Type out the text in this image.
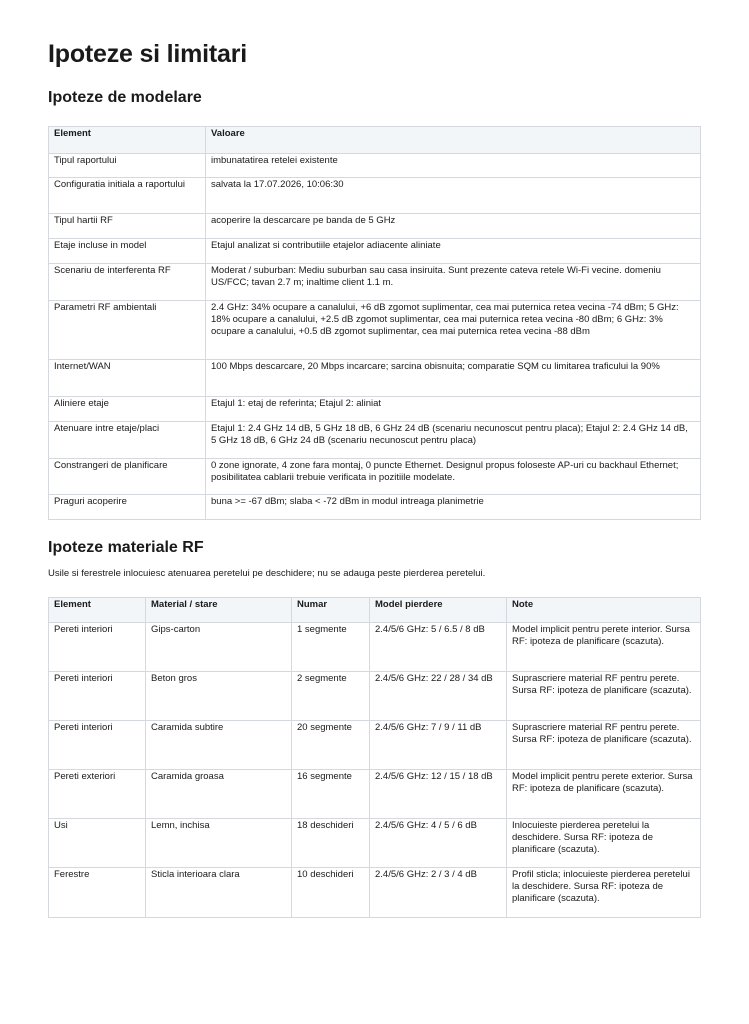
Ipoteze si limitari
Ipoteze de modelare
Element	Valoare
Tipul raportului	imbunatatirea retelei existente
Configuratia initiala a raportului	salvata la 17.07.2026, 10:06:30
Tipul hartii RF	acoperire la descarcare pe banda de 5 GHz
Etaje incluse in model	Etajul analizat si contributiile etajelor adiacente aliniate
Scenariu de interferenta RF	Moderat / suburban: Mediu suburban sau casa insiruita. Sunt prezente cateva retele Wi-Fi vecine. domeniu US/FCC; tavan 2.7 m; inaltime client 1.1 m.
Parametri RF ambientali	2.4 GHz: 34% ocupare a canalului, +6 dB zgomot suplimentar, cea mai puternica retea vecina -74 dBm; 5 GHz: 18% ocupare a canalului, +2.5 dB zgomot suplimentar, cea mai puternica retea vecina -80 dBm; 6 GHz: 3% ocupare a canalului, +0.5 dB zgomot suplimentar, cea mai puternica retea vecina -88 dBm
Internet/WAN	100 Mbps descarcare, 20 Mbps incarcare; sarcina obisnuita; comparatie SQM cu limitarea traficului la 90%
Aliniere etaje	Etajul 1: etaj de referinta; Etajul 2: aliniat
Atenuare intre etaje/placi	Etajul 1: 2.4 GHz 14 dB, 5 GHz 18 dB, 6 GHz 24 dB (scenariu necunoscut pentru placa); Etajul 2: 2.4 GHz 14 dB, 5 GHz 18 dB, 6 GHz 24 dB (scenariu necunoscut pentru placa)
Constrangeri de planificare	0 zone ignorate, 4 zone fara montaj, 0 puncte Ethernet. Designul propus foloseste AP-uri cu backhaul Ethernet; posibilitatea cablarii trebuie verificata in pozitiile modelate.
Praguri acoperire	buna >= -67 dBm; slaba < -72 dBm in modul intreaga planimetrie
Ipoteze materiale RF

Usile si ferestrele inlocuiesc atenuarea peretelui pe deschidere; nu se adauga peste pierderea peretelui.

Element	Material / stare	Numar	Model pierdere	Note
Pereti interiori	Gips-carton	1 segmente	2.4/5/6 GHz: 5 / 6.5 / 8 dB	Model implicit pentru perete interior. Sursa RF: ipoteza de planificare (scazuta).
Pereti interiori	Beton gros	2 segmente	2.4/5/6 GHz: 22 / 28 / 34 dB	Suprascriere material RF pentru perete. Sursa RF: ipoteza de planificare (scazuta).
Pereti interiori	Caramida subtire	20 segmente	2.4/5/6 GHz: 7 / 9 / 11 dB	Suprascriere material RF pentru perete. Sursa RF: ipoteza de planificare (scazuta).
Pereti exteriori	Caramida groasa	16 segmente	2.4/5/6 GHz: 12 / 15 / 18 dB	Model implicit pentru perete exterior. Sursa RF: ipoteza de planificare (scazuta).
Usi	Lemn, inchisa	18 deschideri	2.4/5/6 GHz: 4 / 5 / 6 dB	Inlocuieste pierderea peretelui la deschidere. Sursa RF: ipoteza de planificare (scazuta).
Ferestre	Sticla interioara clara	10 deschideri	2.4/5/6 GHz: 2 / 3 / 4 dB	Profil sticla; inlocuieste pierderea peretelui la deschidere. Sursa RF: ipoteza de planificare (scazuta).
